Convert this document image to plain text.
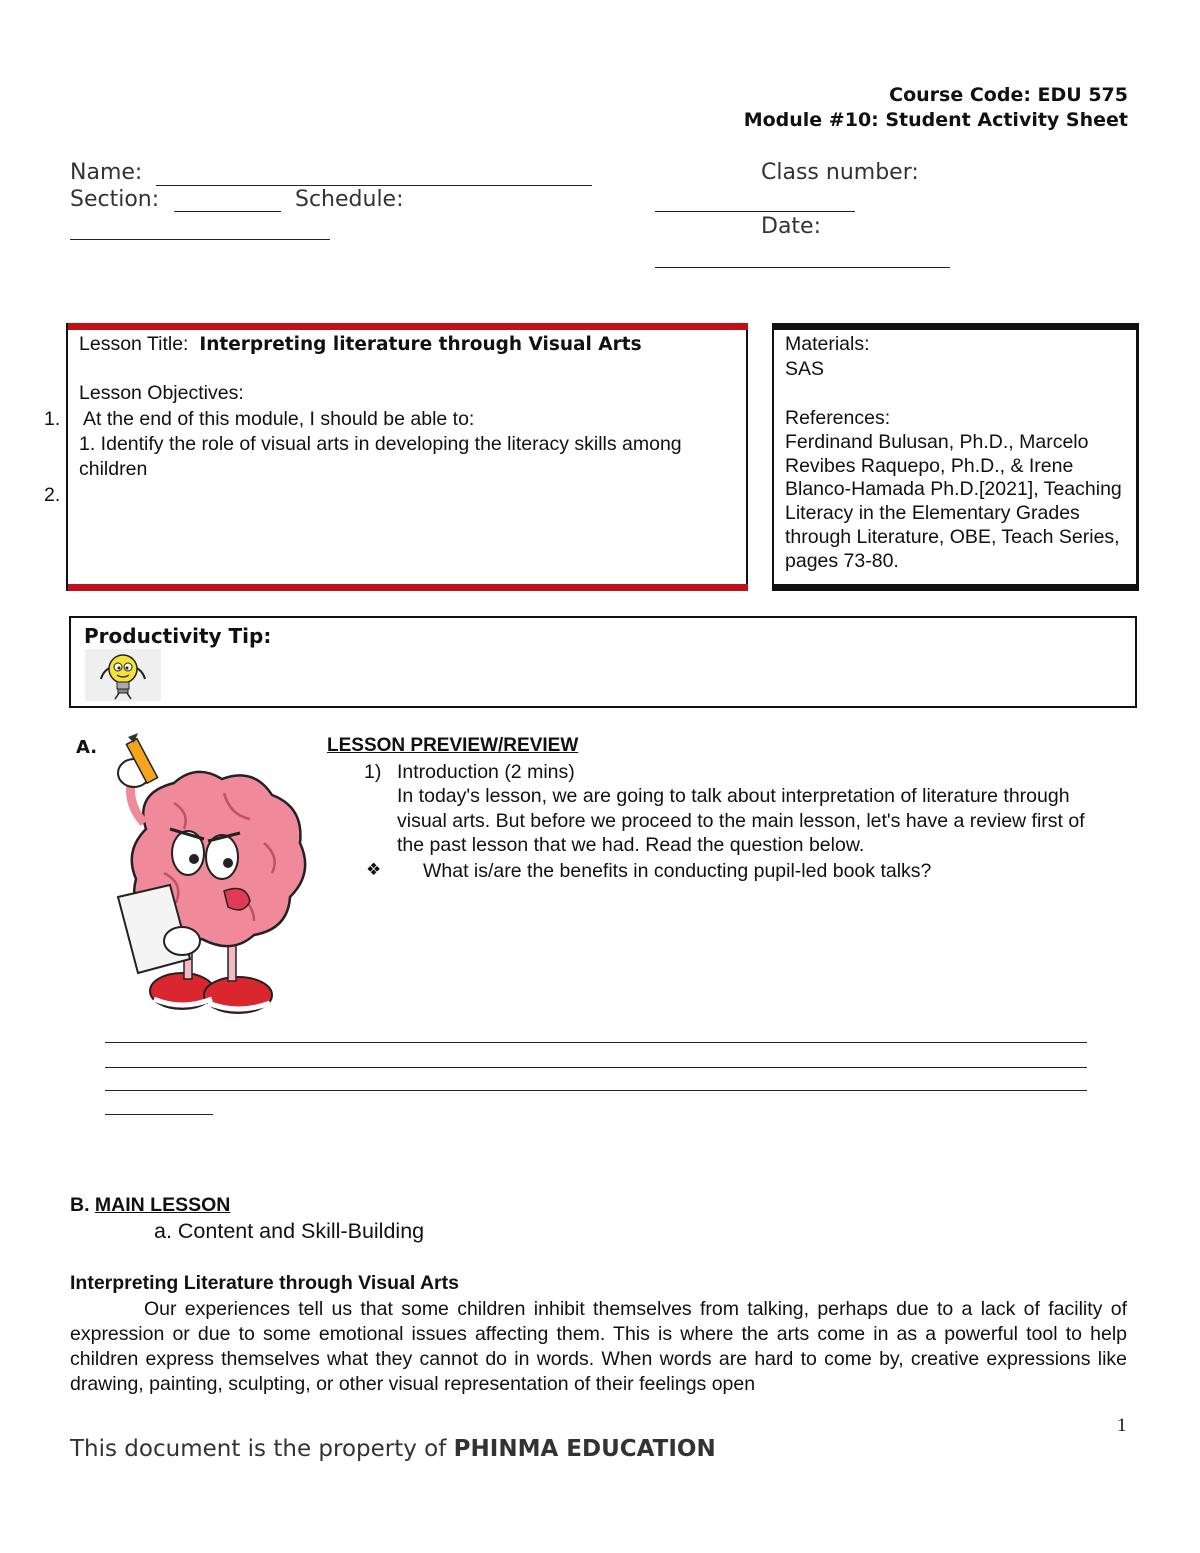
Course Code: EDU 575
Module #10: Student Activity Sheet
Name:	Class number:
Section:	Schedule:
Date:
Lesson Title: Interpreting literature through Visual Arts
Lesson Objectives:
1.
2.
At the end of this module, I should be able to:
1. Identify the role of visual arts in developing the literacy skills among children
Materials:
SAS
References:
Ferdinand Bulusan, Ph.D., Marcelo Revibes Raquepo, Ph.D., & Irene Blanco-Hamada Ph.D.[2021], Teaching Literacy in the Elementary Grades through Literature, OBE, Teach Series, pages 73-80.
Productivity Tip:
A.	LESSON PREVIEW/REVIEW
1) Introduction (2 mins)
In today's lesson, we are going to talk about interpretation of literature through visual arts. But before we proceed to the main lesson, let's have a review first of the past lesson that we had. Read the question below.
❖ What is/are the benefits in conducting pupil-led book talks?
B. MAIN LESSON
a. Content and Skill-Building
Interpreting Literature through Visual Arts
Our experiences tell us that some children inhibit themselves from talking, perhaps due to a lack of facility of expression or due to some emotional issues affecting them. This is where the arts come in as a powerful tool to help children express themselves what they cannot do in words. When words are hard to come by, creative expressions like drawing, painting, sculpting, or other visual representation of their feelings open
1
This document is the property of PHINMA EDUCATION
